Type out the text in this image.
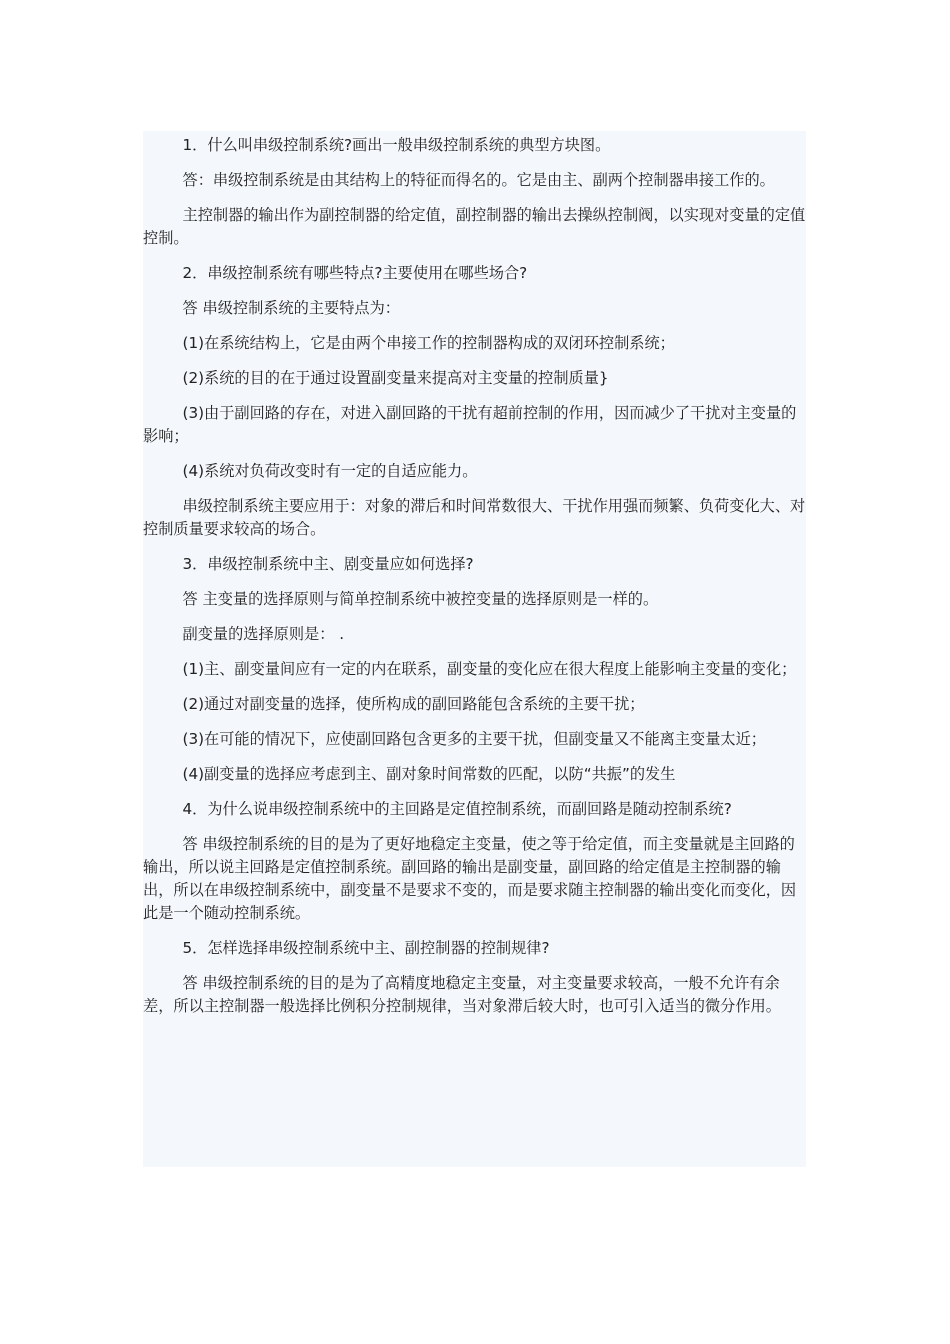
1．什么叫串级控制系统?画出一般串级控制系统的典型方块图。

答：串级控制系统是由其结构上的特征而得名的。它是由主、副两个控制器串接工作的。

主控制器的输出作为副控制器的给定值，副控制器的输出去操纵控制阀，以实现对变量的定值控制。

2．串级控制系统有哪些特点?主要使用在哪些场合?

答 串级控制系统的主要特点为：

(1)在系统结构上，它是由两个串接工作的控制器构成的双闭环控制系统；

(2)系统的目的在于通过设置副变量来提高对主变量的控制质量}

(3)由于副回路的存在，对进入副回路的干扰有超前控制的作用，因而减少了干扰对主变量的影响；

(4)系统对负荷改变时有一定的自适应能力。

串级控制系统主要应用于：对象的滞后和时间常数很大、干扰作用强而频繁、负荷变化大、对控制质量要求较高的场合。

3．串级控制系统中主、剧变量应如何选择?

答 主变量的选择原则与简单控制系统中被控变量的选择原则是一样的。

副变量的选择原则是： .

(1)主、副变量间应有一定的内在联系，副变量的变化应在很大程度上能影响主变量的变化；

(2)通过对副变量的选择，使所构成的副回路能包含系统的主要干扰；

(3)在可能的情况下，应使副回路包含更多的主要干扰，但副变量又不能离主变量太近；

(4)副变量的选择应考虑到主、副对象时间常数的匹配，以防“共振”的发生

4．为什么说串级控制系统中的主回路是定值控制系统，而副回路是随动控制系统?

答 串级控制系统的目的是为了更好地稳定主变量，使之等于给定值，而主变量就是主回路的输出，所以说主回路是定值控制系统。副回路的输出是副变量，副回路的给定值是主控制器的输出，所以在串级控制系统中，副变量不是要求不变的，而是要求随主控制器的输出变化而变化，因此是一个随动控制系统。

5．怎样选择串级控制系统中主、副控制器的控制规律?

答 串级控制系统的目的是为了高精度地稳定主变量，对主变量要求较高，一般不允许有余差，所以主控制器一般选择比例积分控制规律，当对象滞后较大时，也可引入适当的微分作用。
